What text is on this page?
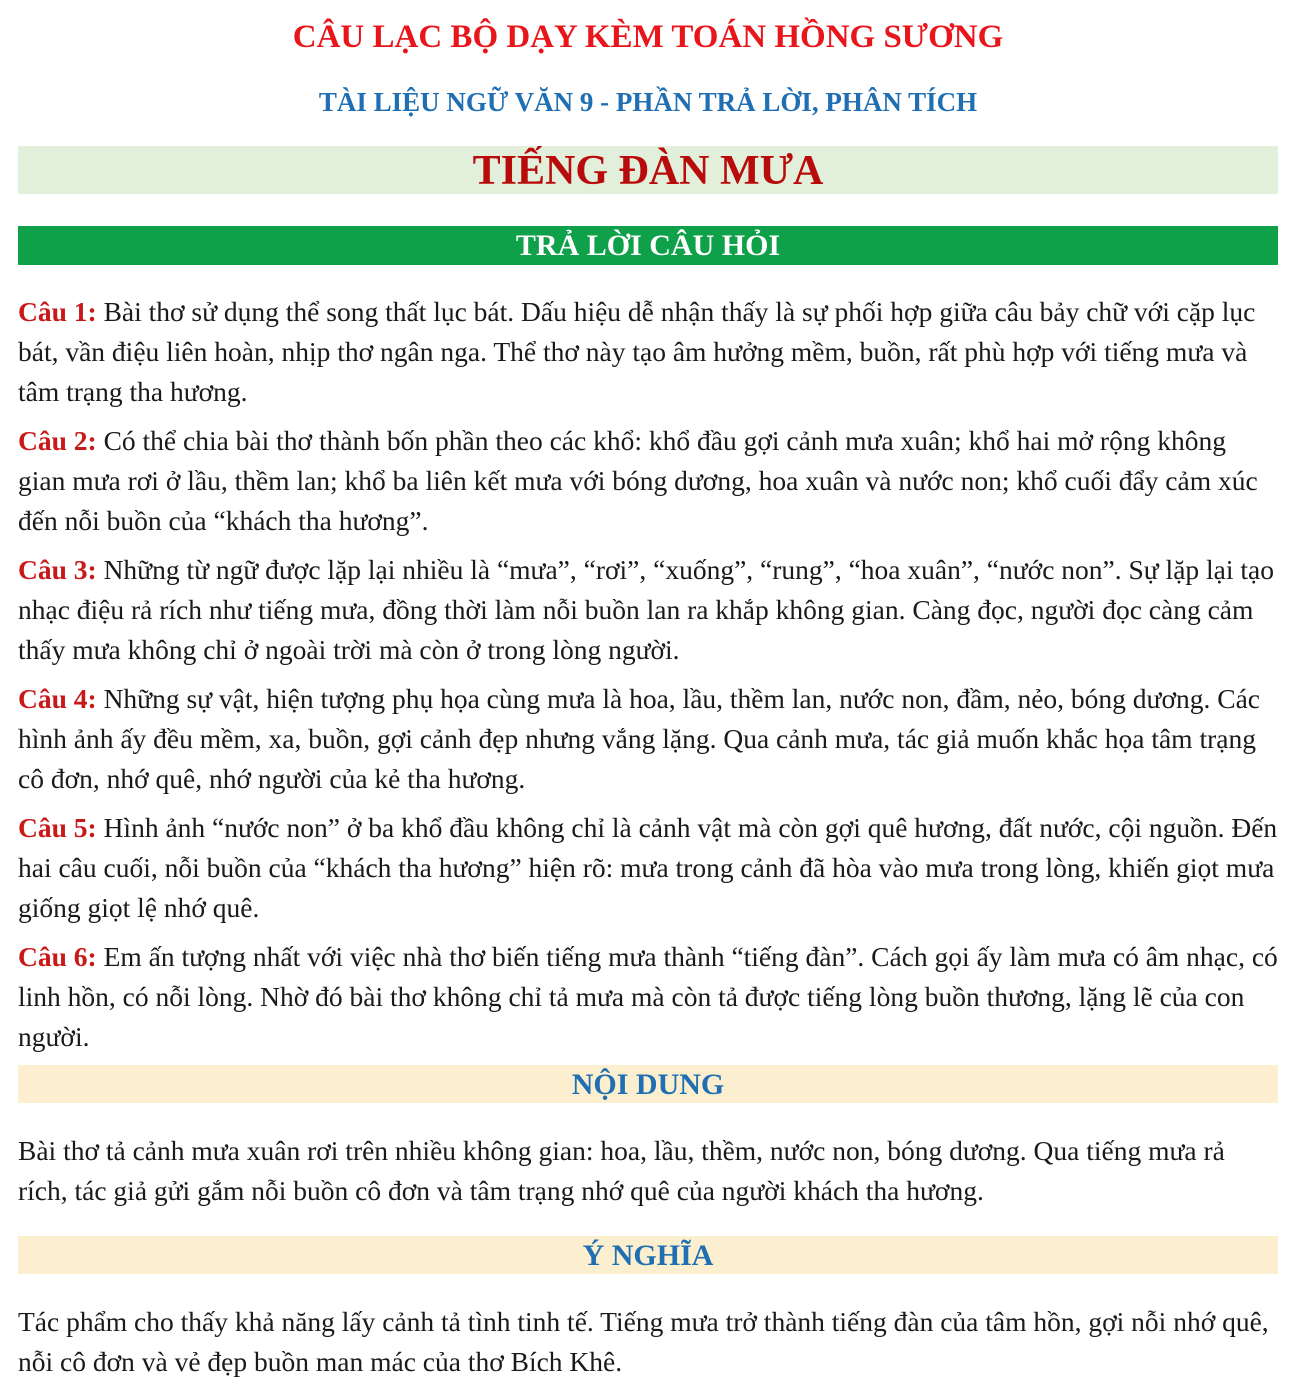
CÂU LẠC BỘ DẠY KÈM TOÁN HỒNG SƯƠNG
TÀI LIỆU NGỮ VĂN 9 - PHẦN TRẢ LỜI, PHÂN TÍCH
TIẾNG ĐÀN MƯA
TRẢ LỜI CÂU HỎI

Câu 1: Bài thơ sử dụng thể song thất lục bát. Dấu hiệu dễ nhận thấy là sự phối hợp giữa câu bảy chữ với cặp lục bát, vần điệu liên hoàn, nhịp thơ ngân nga. Thể thơ này tạo âm hưởng mềm, buồn, rất phù hợp với tiếng mưa và tâm trạng tha hương.

Câu 2: Có thể chia bài thơ thành bốn phần theo các khổ: khổ đầu gợi cảnh mưa xuân; khổ hai mở rộng không gian mưa rơi ở lầu, thềm lan; khổ ba liên kết mưa với bóng dương, hoa xuân và nước non; khổ cuối đẩy cảm xúc đến nỗi buồn của “khách tha hương”.

Câu 3: Những từ ngữ được lặp lại nhiều là “mưa”, “rơi”, “xuống”, “rung”, “hoa xuân”, “nước non”. Sự lặp lại tạo nhạc điệu rả rích như tiếng mưa, đồng thời làm nỗi buồn lan ra khắp không gian. Càng đọc, người đọc càng cảm thấy mưa không chỉ ở ngoài trời mà còn ở trong lòng người.

Câu 4: Những sự vật, hiện tượng phụ họa cùng mưa là hoa, lầu, thềm lan, nước non, đầm, nẻo, bóng dương. Các hình ảnh ấy đều mềm, xa, buồn, gợi cảnh đẹp nhưng vắng lặng. Qua cảnh mưa, tác giả muốn khắc họa tâm trạng cô đơn, nhớ quê, nhớ người của kẻ tha hương.

Câu 5: Hình ảnh “nước non” ở ba khổ đầu không chỉ là cảnh vật mà còn gợi quê hương, đất nước, cội nguồn. Đến hai câu cuối, nỗi buồn của “khách tha hương” hiện rõ: mưa trong cảnh đã hòa vào mưa trong lòng, khiến giọt mưa giống giọt lệ nhớ quê.

Câu 6: Em ấn tượng nhất với việc nhà thơ biến tiếng mưa thành “tiếng đàn”. Cách gọi ấy làm mưa có âm nhạc, có linh hồn, có nỗi lòng. Nhờ đó bài thơ không chỉ tả mưa mà còn tả được tiếng lòng buồn thương, lặng lẽ của con người.

NỘI DUNG

Bài thơ tả cảnh mưa xuân rơi trên nhiều không gian: hoa, lầu, thềm, nước non, bóng dương. Qua tiếng mưa rả rích, tác giả gửi gắm nỗi buồn cô đơn và tâm trạng nhớ quê của người khách tha hương.

Ý NGHĨA

Tác phẩm cho thấy khả năng lấy cảnh tả tình tinh tế. Tiếng mưa trở thành tiếng đàn của tâm hồn, gợi nỗi nhớ quê, nỗi cô đơn và vẻ đẹp buồn man mác của thơ Bích Khê.
